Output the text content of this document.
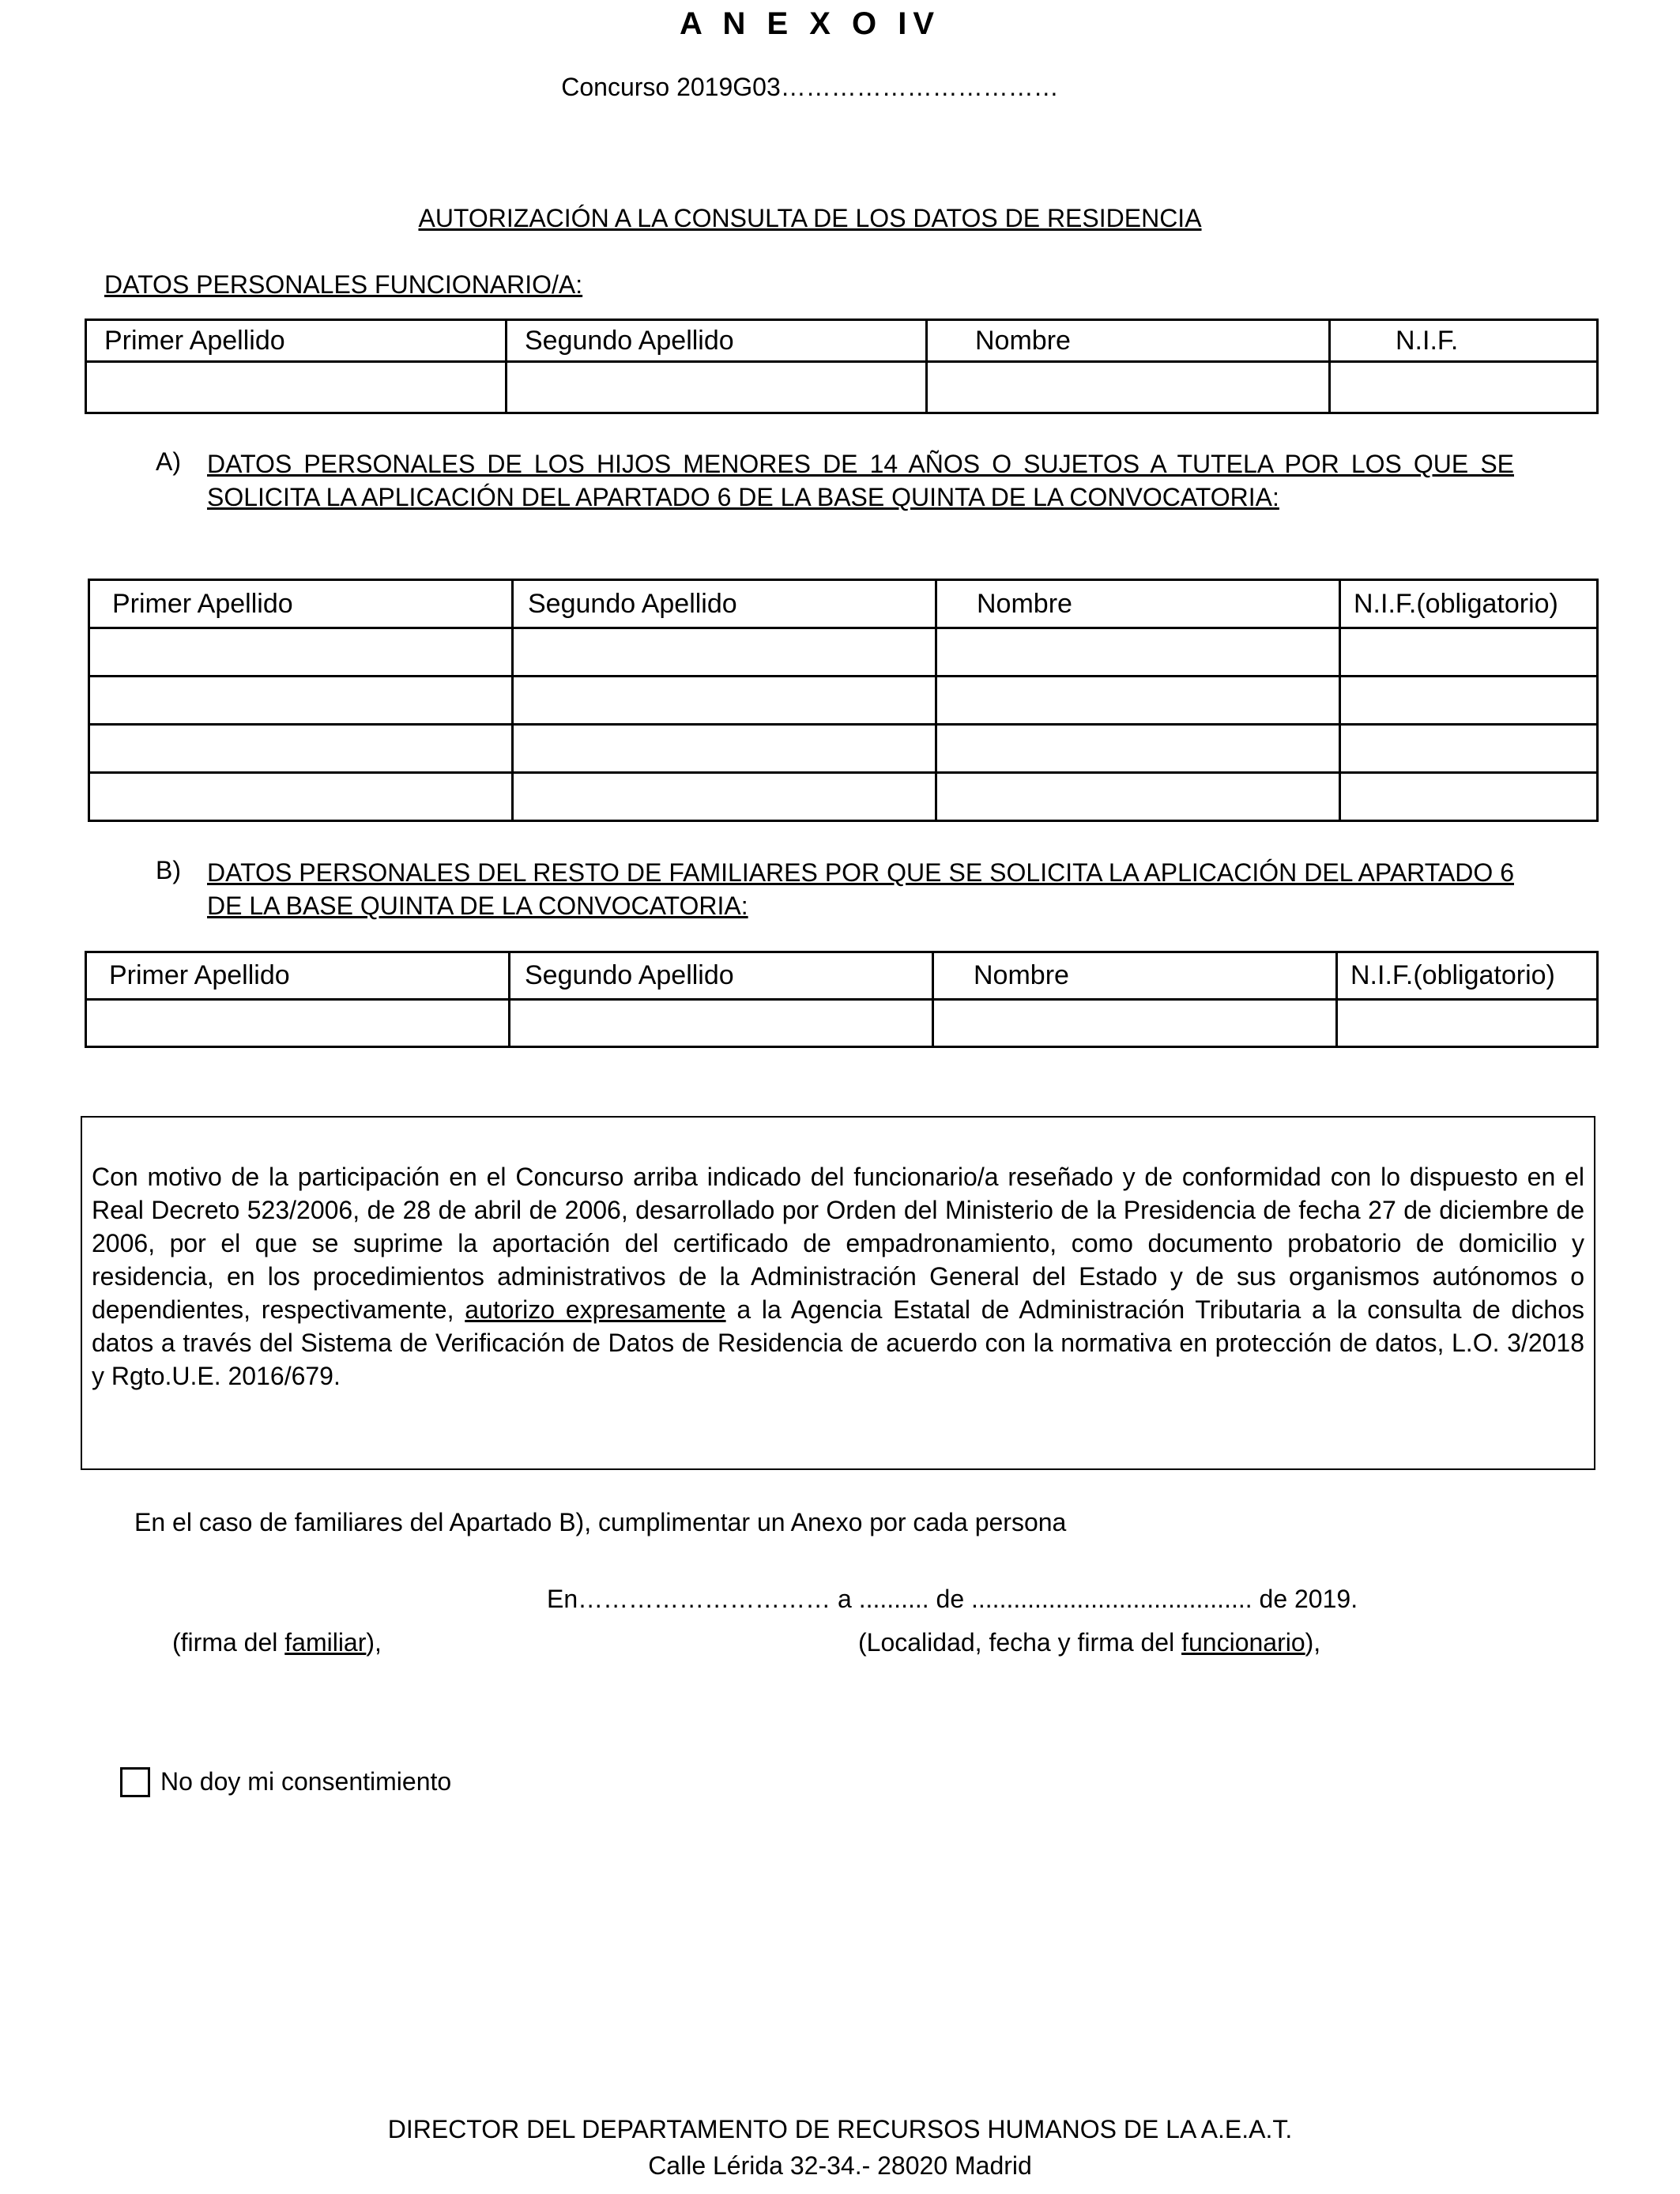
A N E X O IV
Concurso 2019G03……………………………
AUTORIZACIÓN A LA CONSULTA DE LOS DATOS DE RESIDENCIA
DATOS PERSONALES FUNCIONARIO/A:
Primer Apellido	Segundo Apellido	Nombre	N.I.F.

A) DATOS PERSONALES DE LOS HIJOS MENORES DE 14 AÑOS O SUJETOS A TUTELA POR LOS QUE SE SOLICITA LA APLICACIÓN DEL APARTADO 6 DE LA BASE QUINTA DE LA CONVOCATORIA:
Primer Apellido	Segundo Apellido	Nombre	N.I.F.(obligatorio)

B) DATOS PERSONALES DEL RESTO DE FAMILIARES POR QUE SE SOLICITA LA APLICACIÓN DEL APARTADO 6 DE LA BASE QUINTA DE LA CONVOCATORIA:
Primer Apellido	Segundo Apellido	Nombre	N.I.F.(obligatorio)

Con motivo de la participación en el Concurso arriba indicado del funcionario/a reseñado y de conformidad con lo dispuesto en el Real Decreto 523/2006, de 28 de abril de 2006, desarrollado por Orden del Ministerio de la Presidencia de fecha 27 de diciembre de 2006, por el que se suprime la aportación del certificado de empadronamiento, como documento probatorio de domicilio y residencia, en los procedimientos administrativos de la Administración General del Estado y de sus organismos autónomos o dependientes, respectivamente, autorizo expresamente a la Agencia Estatal de Administración Tributaria a la consulta de dichos datos a través del Sistema de Verificación de Datos de Residencia de acuerdo con la normativa en protección de datos, L.O. 3/2018 y Rgto.U.E. 2016/679.
En el caso de familiares del Apartado B), cumplimentar un Anexo por cada persona
En………………………… a .......... de ........................................ de 2019.
(firma del familiar),	(Localidad, fecha y firma del funcionario),
No doy mi consentimiento
DIRECTOR DEL DEPARTAMENTO DE RECURSOS HUMANOS DE LA A.E.A.T.
Calle Lérida 32-34.- 28020 Madrid
